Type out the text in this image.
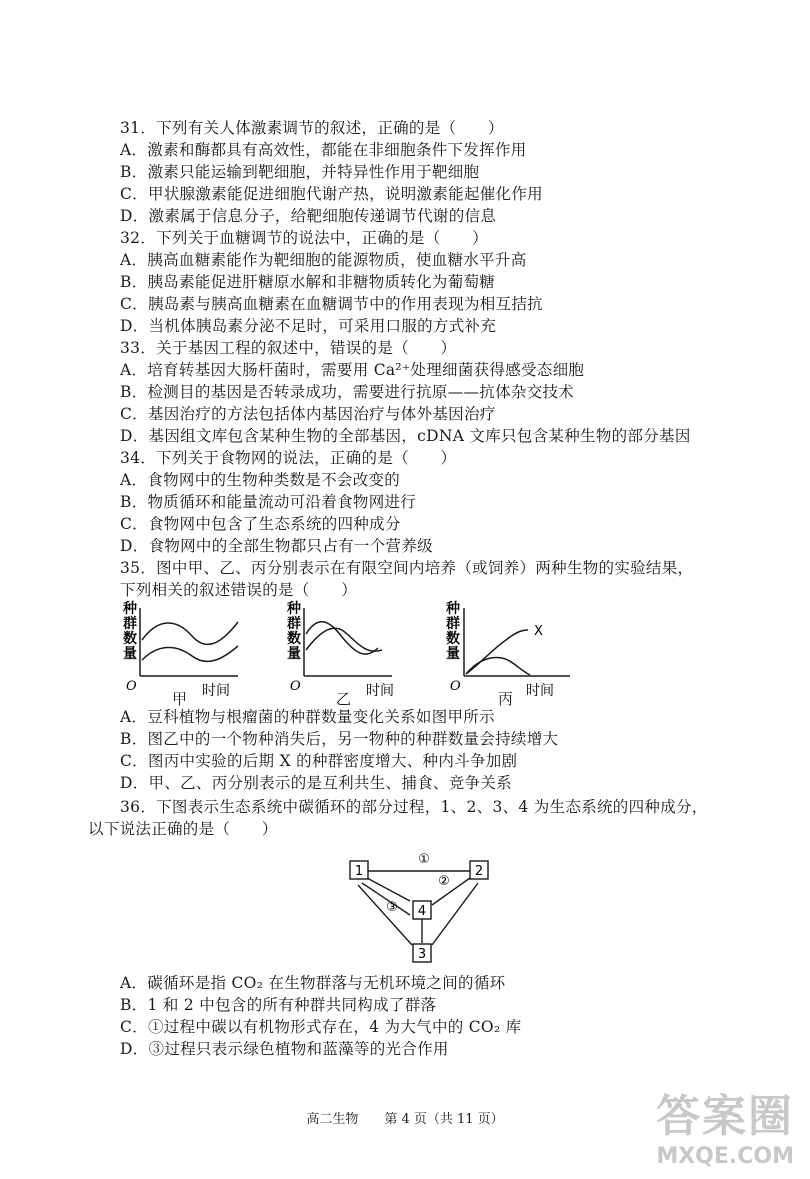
31．下列有关人体激素调节的叙述，正确的是（　　）
A．激素和酶都具有高效性，都能在非细胞条件下发挥作用
B．激素只能运输到靶细胞，并特异性作用于靶细胞
C．甲状腺激素能促进细胞代谢产热，说明激素能起催化作用
D．激素属于信息分子，给靶细胞传递调节代谢的信息
32．下列关于血糖调节的说法中，正确的是（　　）
A．胰高血糖素能作为靶细胞的能源物质，使血糖水平升高
B．胰岛素能促进肝糖原水解和非糖物质转化为葡萄糖
C．胰岛素与胰高血糖素在血糖调节中的作用表现为相互拮抗
D．当机体胰岛素分泌不足时，可采用口服的方式补充
33．关于基因工程的叙述中，错误的是（　　）
A．培育转基因大肠杆菌时，需要用 Ca²⁺处理细菌获得感受态细胞
B．检测目的基因是否转录成功，需要进行抗原——抗体杂交技术
C．基因治疗的方法包括体内基因治疗与体外基因治疗
D．基因组文库包含某种生物的全部基因，cDNA 文库只包含某种生物的部分基因
34．下列关于食物网的说法，正确的是（　　）
A．食物网中的生物种类数是不会改变的
B．物质循环和能量流动可沿着食物网进行
C．食物网中包含了生态系统的四种成分
D．食物网中的全部生物都只占有一个营养级
35．图中甲、乙、丙分别表示在有限空间内培养（或饲养）两种生物的实验结果，
下列相关的叙述错误的是（　　）
种
群
数
量
O	时间
甲
种
群
数
量
O	时间
乙
种
群
数
量
X
O	时间
丙
A．豆科植物与根瘤菌的种群数量变化关系如图甲所示
B．图乙中的一个物种消失后，另一物种的种群数量会持续增大
C．图丙中实验的后期 X 的种群密度增大、种内斗争加剧
D．甲、乙、丙分别表示的是互利共生、捕食、竞争关系
36．下图表示生态系统中碳循环的部分过程，1、2、3、4 为生态系统的四种成分，
以下说法正确的是（　　）
1	2
3
4
①
②
③
A．碳循环是指 CO₂ 在生物群落与无机环境之间的循环
B．1 和 2 中包含的所有种群共同构成了群落
C．①过程中碳以有机物形式存在，4 为大气中的 CO₂ 库
D．③过程只表示绿色植物和蓝藻等的光合作用
高二生物　　第 4 页（共 11 页）	答案圈
MXQE.COM
